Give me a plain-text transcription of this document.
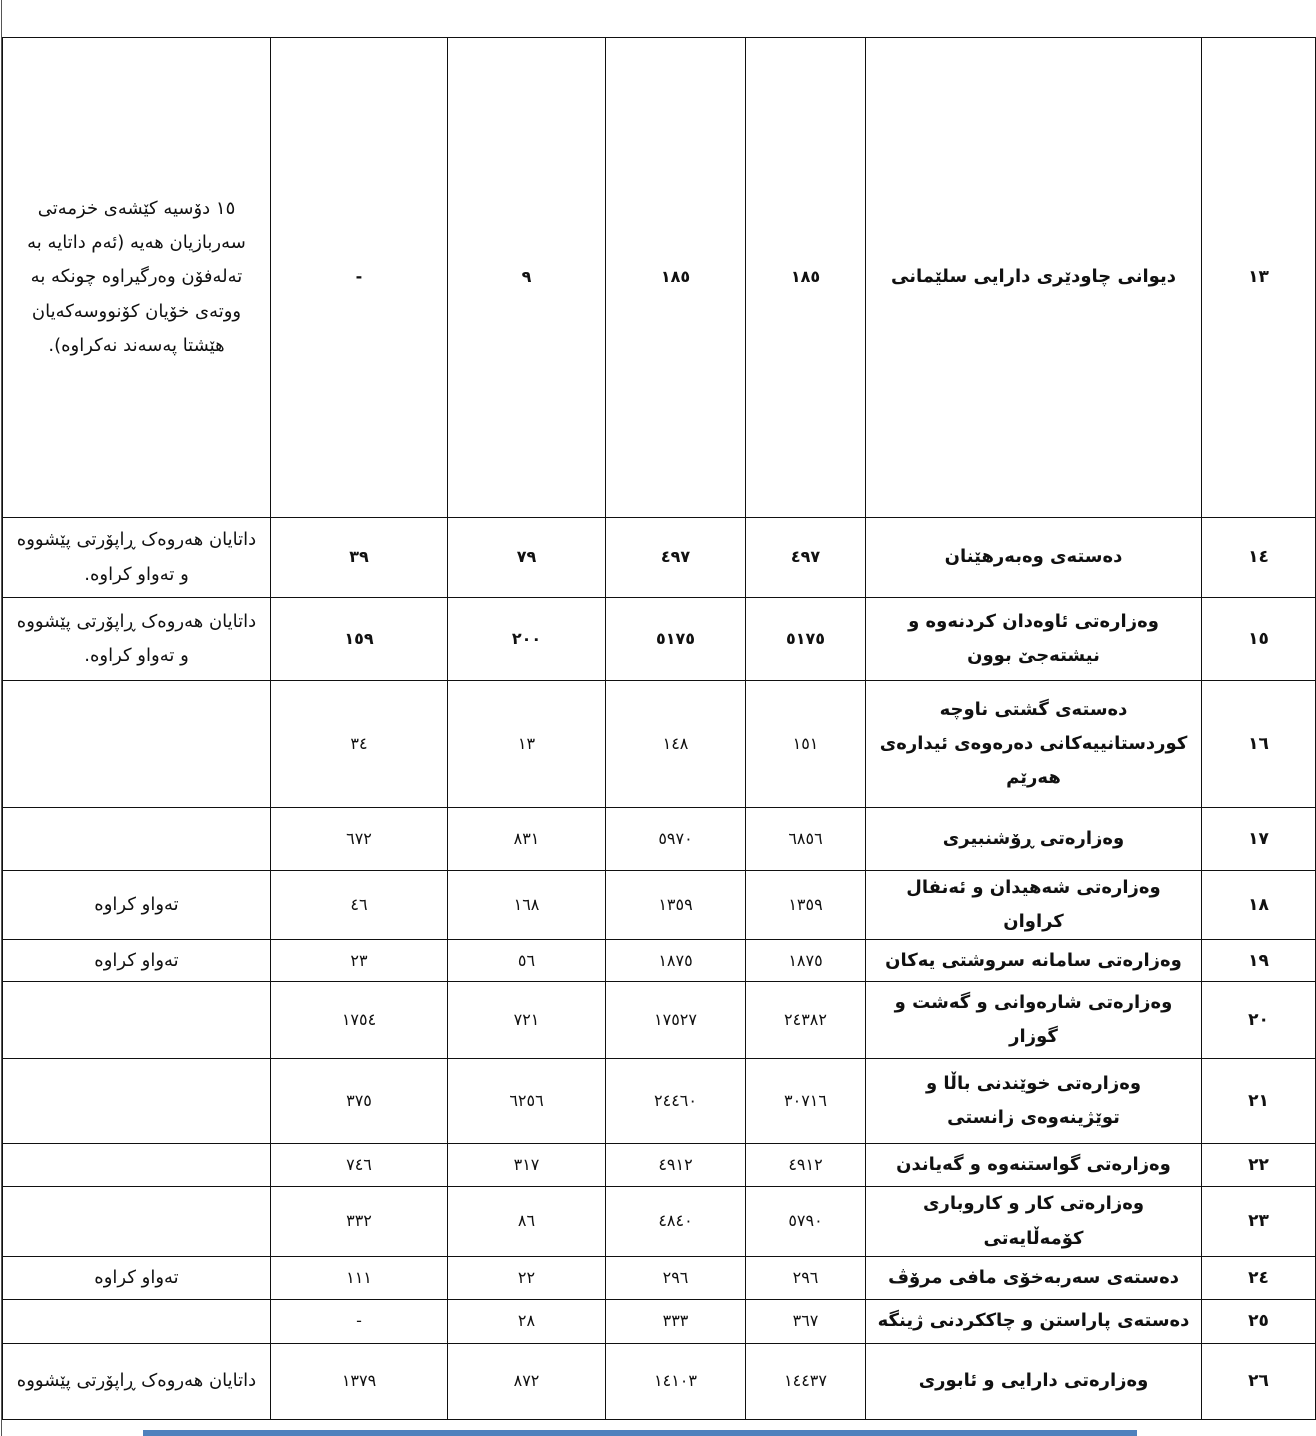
١٣	ديوانی چاودێری دارایی سلێمانی	١٨٥	١٨٥	٩	-	١٥ دۆسیە کێشەی خزمەتی سەربازیان هەیە (ئەم داتایە بە تەلەفۆن وەرگیراوە چونکە بە ووتەی خۆیان کۆنووسەکەیان هێشتا پەسەند نەکراوە).
١٤	دەستەی وەبەرهێنان	٤٩٧	٤٩٧	٧٩	٣٩	داتایان هەروەک ڕاپۆرتی پێشووە و تەواو کراوە.
١٥	وەزارەتی ئاوەدان کردنەوە و نیشتەجێ بوون	٥١٧٥	٥١٧٥	٢٠٠	١٥٩	داتایان هەروەک ڕاپۆرتی پێشووە و تەواو کراوە.
١٦	دەستەی گشتی ناوچە کوردستانییەکانی دەرەوەی ئیدارەی هەرێم	١٥١	١٤٨	١٣	٣٤	
١٧	وەزارەتی ڕۆشنبیری	٦٨٥٦	٥٩٧٠	٨٣١	٦٧٢	
١٨	وەزارەتی شەهیدان و ئەنفال کراوان	١٣٥٩	١٣٥٩	١٦٨	٤٦	تەواو کراوە
١٩	وەزارەتی سامانە سروشتی یەکان	١٨٧٥	١٨٧٥	٥٦	٢٣	تەواو کراوە
٢٠	وەزارەتی شارەوانی و گەشت و گوزار	٢٤٣٨٢	١٧٥٢٧	٧٢١	١٧٥٤	
٢١	وەزارەتی خوێندنی باڵا و توێژینەوەی زانستی	٣٠٧١٦	٢٤٤٦٠	٦٢٥٦	٣٧٥	
٢٢	وەزارەتی گواستنەوە و گەیاندن	٤٩١٢	٤٩١٢	٣١٧	٧٤٦	
٢٣	وەزارەتی کار و کاروباری کۆمەڵایەتی	٥٧٩٠	٤٨٤٠	٨٦	٣٣٢	
٢٤	دەستەی سەربەخۆی مافی مرۆڤ	٢٩٦	٢٩٦	٢٢	١١١	تەواو کراوە
٢٥	دەستەی پاراستن و چاککردنی ژینگە	٣٦٧	٣٣٣	٢٨	-	
٢٦	وەزارەتی دارایی و ئابوری	١٤٤٣٧	١٤١٠٣	٨٧٢	١٣٧٩	داتایان هەروەک ڕاپۆرتی پێشووە
